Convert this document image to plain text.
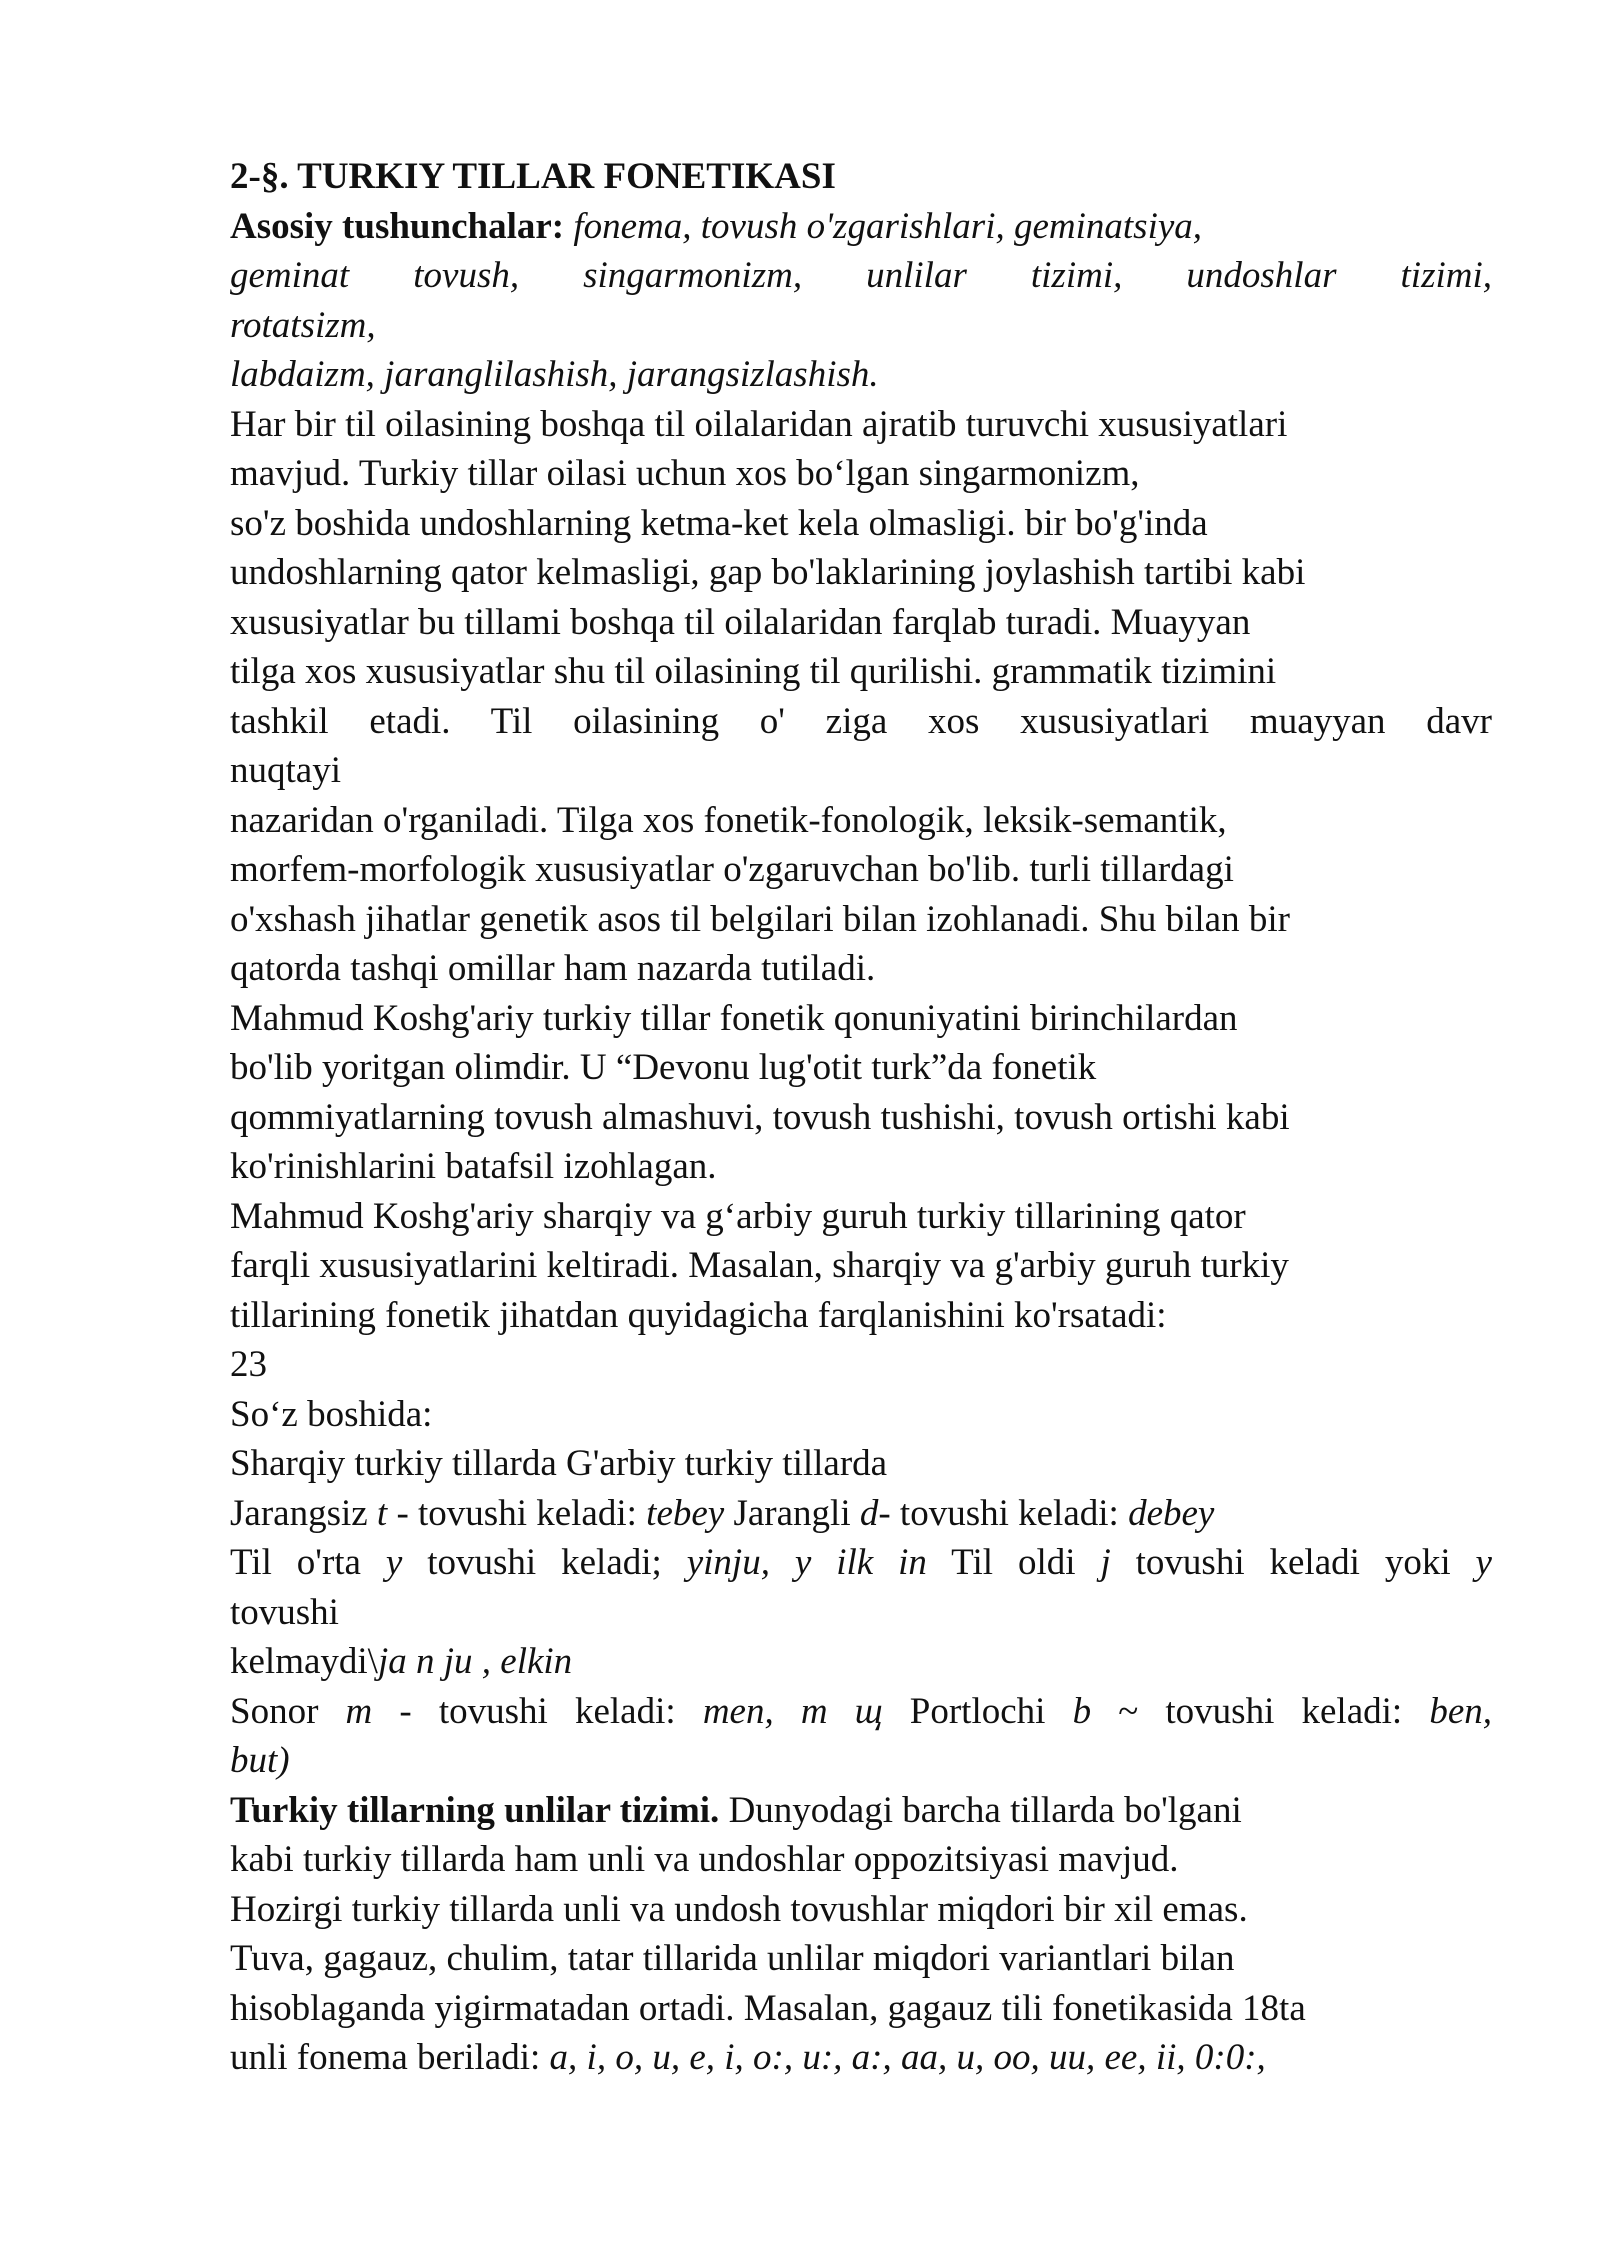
2-§. TURKIY TILLAR FONETIKASI
Asosiy tushunchalar: fonema, tovush o'zgarishlari, geminatsiya,
geminat tovush, singarmonizm, unlilar tizimi, undoshlar tizimi,
rotatsizm,
labdaizm, jaranglilashish, jarangsizlashish.
Har bir til oilasining boshqa til oilalaridan ajratib turuvchi xususiyatlari
mavjud. Turkiy tillar oilasi uchun xos bo‘lgan singarmonizm,
so'z boshida undoshlarning ketma-ket kela olmasligi. bir bo'g'inda
undoshlarning qator kelmasligi, gap bo'laklarining joylashish tartibi kabi
xususiyatlar bu tillami boshqa til oilalaridan farqlab turadi. Muayyan
tilga xos xususiyatlar shu til oilasining til qurilishi. grammatik tizimini
tashkil etadi. Til oilasining o' ziga xos xususiyatlari muayyan davr
nuqtayi
nazaridan o'rganiladi. Tilga xos fonetik-fonologik, leksik-semantik,
morfem-morfologik xususiyatlar o'zgaruvchan bo'lib. turli tillardagi
o'xshash jihatlar genetik asos til belgilari bilan izohlanadi. Shu bilan bir
qatorda tashqi omillar ham nazarda tutiladi.
Mahmud Koshg'ariy turkiy tillar fonetik qonuniyatini birinchilardan
bo'lib yoritgan olimdir. U “Devonu lug'otit turk”da fonetik
qommiyatlarning tovush almashuvi, tovush tushishi, tovush ortishi kabi
ko'rinishlarini batafsil izohlagan.
Mahmud Koshg'ariy sharqiy va g‘arbiy guruh turkiy tillarining qator
farqli xususiyatlarini keltiradi. Masalan, sharqiy va g'arbiy guruh turkiy
tillarining fonetik jihatdan quyidagicha farqlanishini ko'rsatadi:
23
So‘z boshida:
Sharqiy turkiy tillarda G'arbiy turkiy tillarda
Jarangsiz t - tovushi keladi: tebey Jarangli d- tovushi keladi: debey
Til o'rta y tovushi keladi; yinju, y ilk in Til oldi j tovushi keladi yoki y
tovushi
kelmaydi\ja n ju , elkin
Sonor m - tovushi keladi: men, m щ Portlochi b ~ tovushi keladi: ben,
but)
Turkiy tillarning unlilar tizimi. Dunyodagi barcha tillarda bo'lgani
kabi turkiy tillarda ham unli va undoshlar oppozitsiyasi mavjud.
Hozirgi turkiy tillarda unli va undosh tovushlar miqdori bir xil emas.
Tuva, gagauz, chulim, tatar tillarida unlilar miqdori variantlari bilan
hisoblaganda yigirmatadan ortadi. Masalan, gagauz tili fonetikasida 18ta
unli fonema beriladi: a, i, o, u, e, i, o:, u:, a:, aa, u, oo, uu, ee, ii, 0:0:,
